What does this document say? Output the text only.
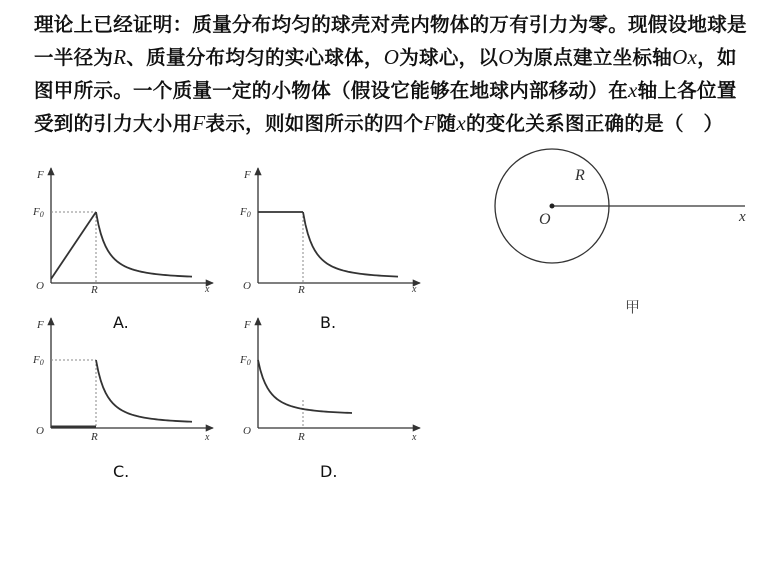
理论上已经证明：质量分布均匀的球壳对壳内物体的万有引力为零。现假设地球是一半径为R、质量分布均匀的实心球体，O为球心，以O为原点建立坐标轴Ox，如图甲所示。一个质量一定的小物体（假设它能够在地球内部移动）在x轴上各位置受到的引力大小用F表示，则如图所示的四个F随x的变化关系图正确的是（　）
F
F0
O	R	x
F
F0
O	R	x
F
F0
O	R	x
F
F0
O	R	x
R
O	x
A.	B.
C.	D.
甲
